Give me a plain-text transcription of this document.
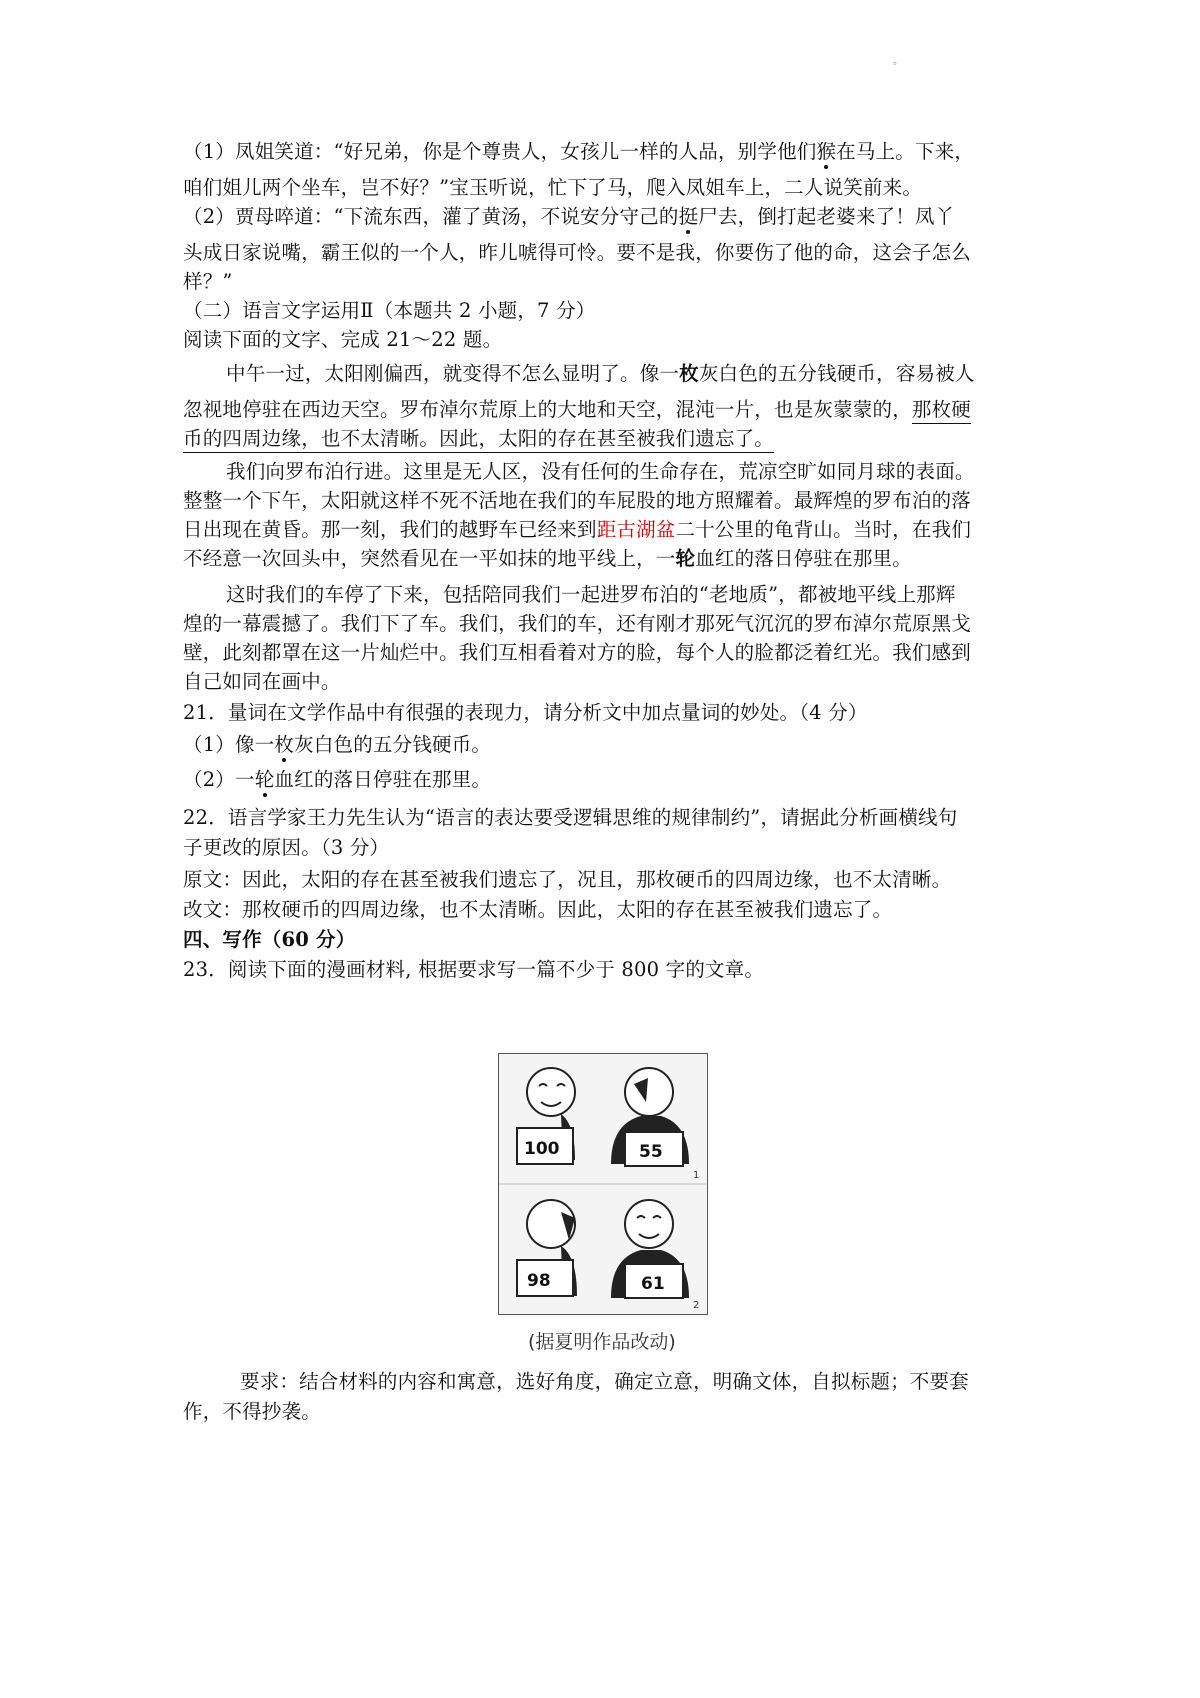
。
（1）凤姐笑道：“好兄弟，你是个尊贵人，女孩儿一样的人品，别学他们猴在马上。下来，
咱们姐儿两个坐车，岂不好？”宝玉听说，忙下了马，爬入凤姐车上，二人说笑前来。
（2）贾母啐道：“下流东西，灌了黄汤，不说安分守己的挺尸去，倒打起老婆来了！凤丫
头成日家说嘴，霸王似的一个人，昨儿唬得可怜。要不是我，你要伤了他的命，这会子怎么
样？”
（二）语言文字运用Ⅱ（本题共 2 小题，7 分）
阅读下面的文字、完成 21～22 题。
中午一过，太阳刚偏西，就变得不怎么显明了。像一枚灰白色的五分钱硬币，容易被人
忽视地停驻在西边天空。罗布淖尔荒原上的大地和天空，混沌一片，也是灰蒙蒙的，那枚硬
币的四周边缘，也不太清晰。因此，太阳的存在甚至被我们遗忘了。
我们向罗布泊行进。这里是无人区，没有任何的生命存在，荒凉空旷如同月球的表面。
整整一个下午，太阳就这样不死不活地在我们的车屁股的地方照耀着。最辉煌的罗布泊的落
日出现在黄昏。那一刻，我们的越野车已经来到距古湖盆二十公里的龟背山。当时，在我们
不经意一次回头中，突然看见在一平如抹的地平线上，一轮血红的落日停驻在那里。
这时我们的车停了下来，包括陪同我们一起进罗布泊的“老地质”，都被地平线上那辉
煌的一幕震撼了。我们下了车。我们，我们的车，还有刚才那死气沉沉的罗布淖尔荒原黑戈
壁，此刻都罩在这一片灿烂中。我们互相看着对方的脸，每个人的脸都泛着红光。我们感到
自己如同在画中。
21．量词在文学作品中有很强的表现力，请分析文中加点量词的妙处。（4 分）
（1）像一枚灰白色的五分钱硬币。
（2）一轮血红的落日停驻在那里。
22．语言学家王力先生认为“语言的表达要受逻辑思维的规律制约”，请据此分析画横线句
子更改的原因。（3 分）
原文：因此，太阳的存在甚至被我们遗忘了，况且，那枚硬币的四周边缘，也不太清晰。
改文：那枚硬币的四周边缘，也不太清晰。因此，太阳的存在甚至被我们遗忘了。
四、写作（60 分）
23．阅读下面的漫画材料, 根据要求写一篇不少于 800 字的文章。
100	55
1
98	61
2
(据夏明作品改动)
要求：结合材料的内容和寓意，选好角度，确定立意，明确文体，自拟标题；不要套
作，不得抄袭。
